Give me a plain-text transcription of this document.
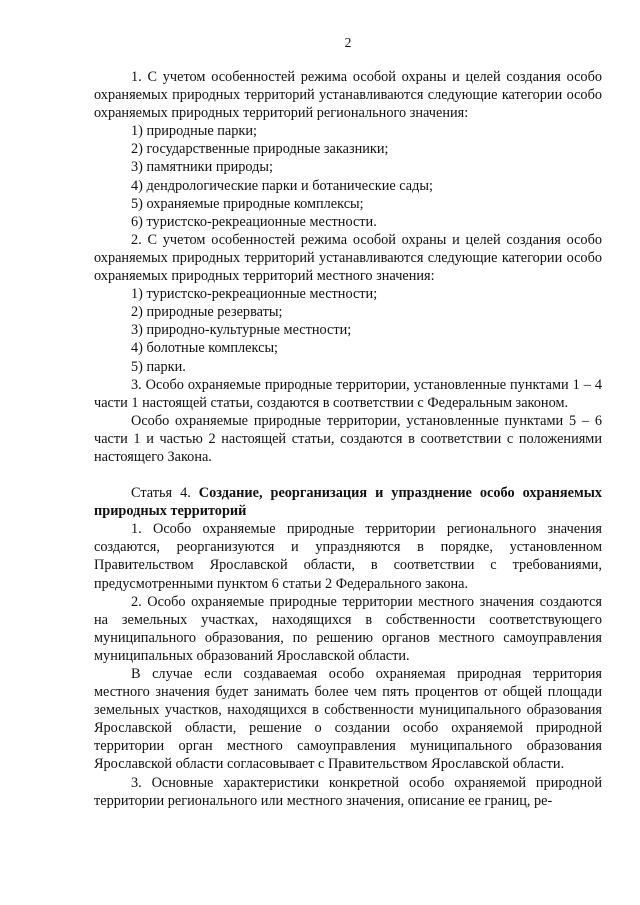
2

1. С учетом особенностей режима особой охраны и целей создания особо охраняемых природных территорий устанавливаются следующие категории особо охраняемых природных территорий регионального значения:

1) природные парки;

2) государственные природные заказники;

3) памятники природы;

4) дендрологические парки и ботанические сады;

5) охраняемые природные комплексы;

6) туристско-рекреационные местности.

2. С учетом особенностей режима особой охраны и целей создания особо охраняемых природных территорий устанавливаются следующие категории особо охраняемых природных территорий местного значения:

1) туристско-рекреационные местности;

2) природные резерваты;

3) природно-культурные местности;

4) болотные комплексы;

5) парки.

3. Особо охраняемые природные территории, установленные пунктами 1 – 4 части 1 настоящей статьи, создаются в соответствии с Федеральным законом.

Особо охраняемые природные территории, установленные пунктами 5 – 6 части 1 и частью 2 настоящей статьи, создаются в соответствии с положениями настоящего Закона.

Статья 4. Создание, реорганизация и упразднение особо охраняемых природных территорий

1. Особо охраняемые природные территории регионального значения создаются, реорганизуются и упраздняются в порядке, установленном Правительством Ярославской области, в соответствии с требованиями, предусмотренными пунктом 6 статьи 2 Федерального закона.

2. Особо охраняемые природные территории местного значения создаются на земельных участках, находящихся в собственности соответствующего муниципального образования, по решению органов местного самоуправления муниципальных образований Ярославской области.

В случае если создаваемая особо охраняемая природная территория местного значения будет занимать более чем пять процентов от общей площади земельных участков, находящихся в собственности муниципального образования Ярославской области, решение о создании особо охраняемой природной территории орган местного самоуправления муниципального образования Ярославской области согласовывает с Правительством Ярославской области.

3. Основные характеристики конкретной особо охраняемой природной территории регионального или местного значения, описание ее границ, ре-
